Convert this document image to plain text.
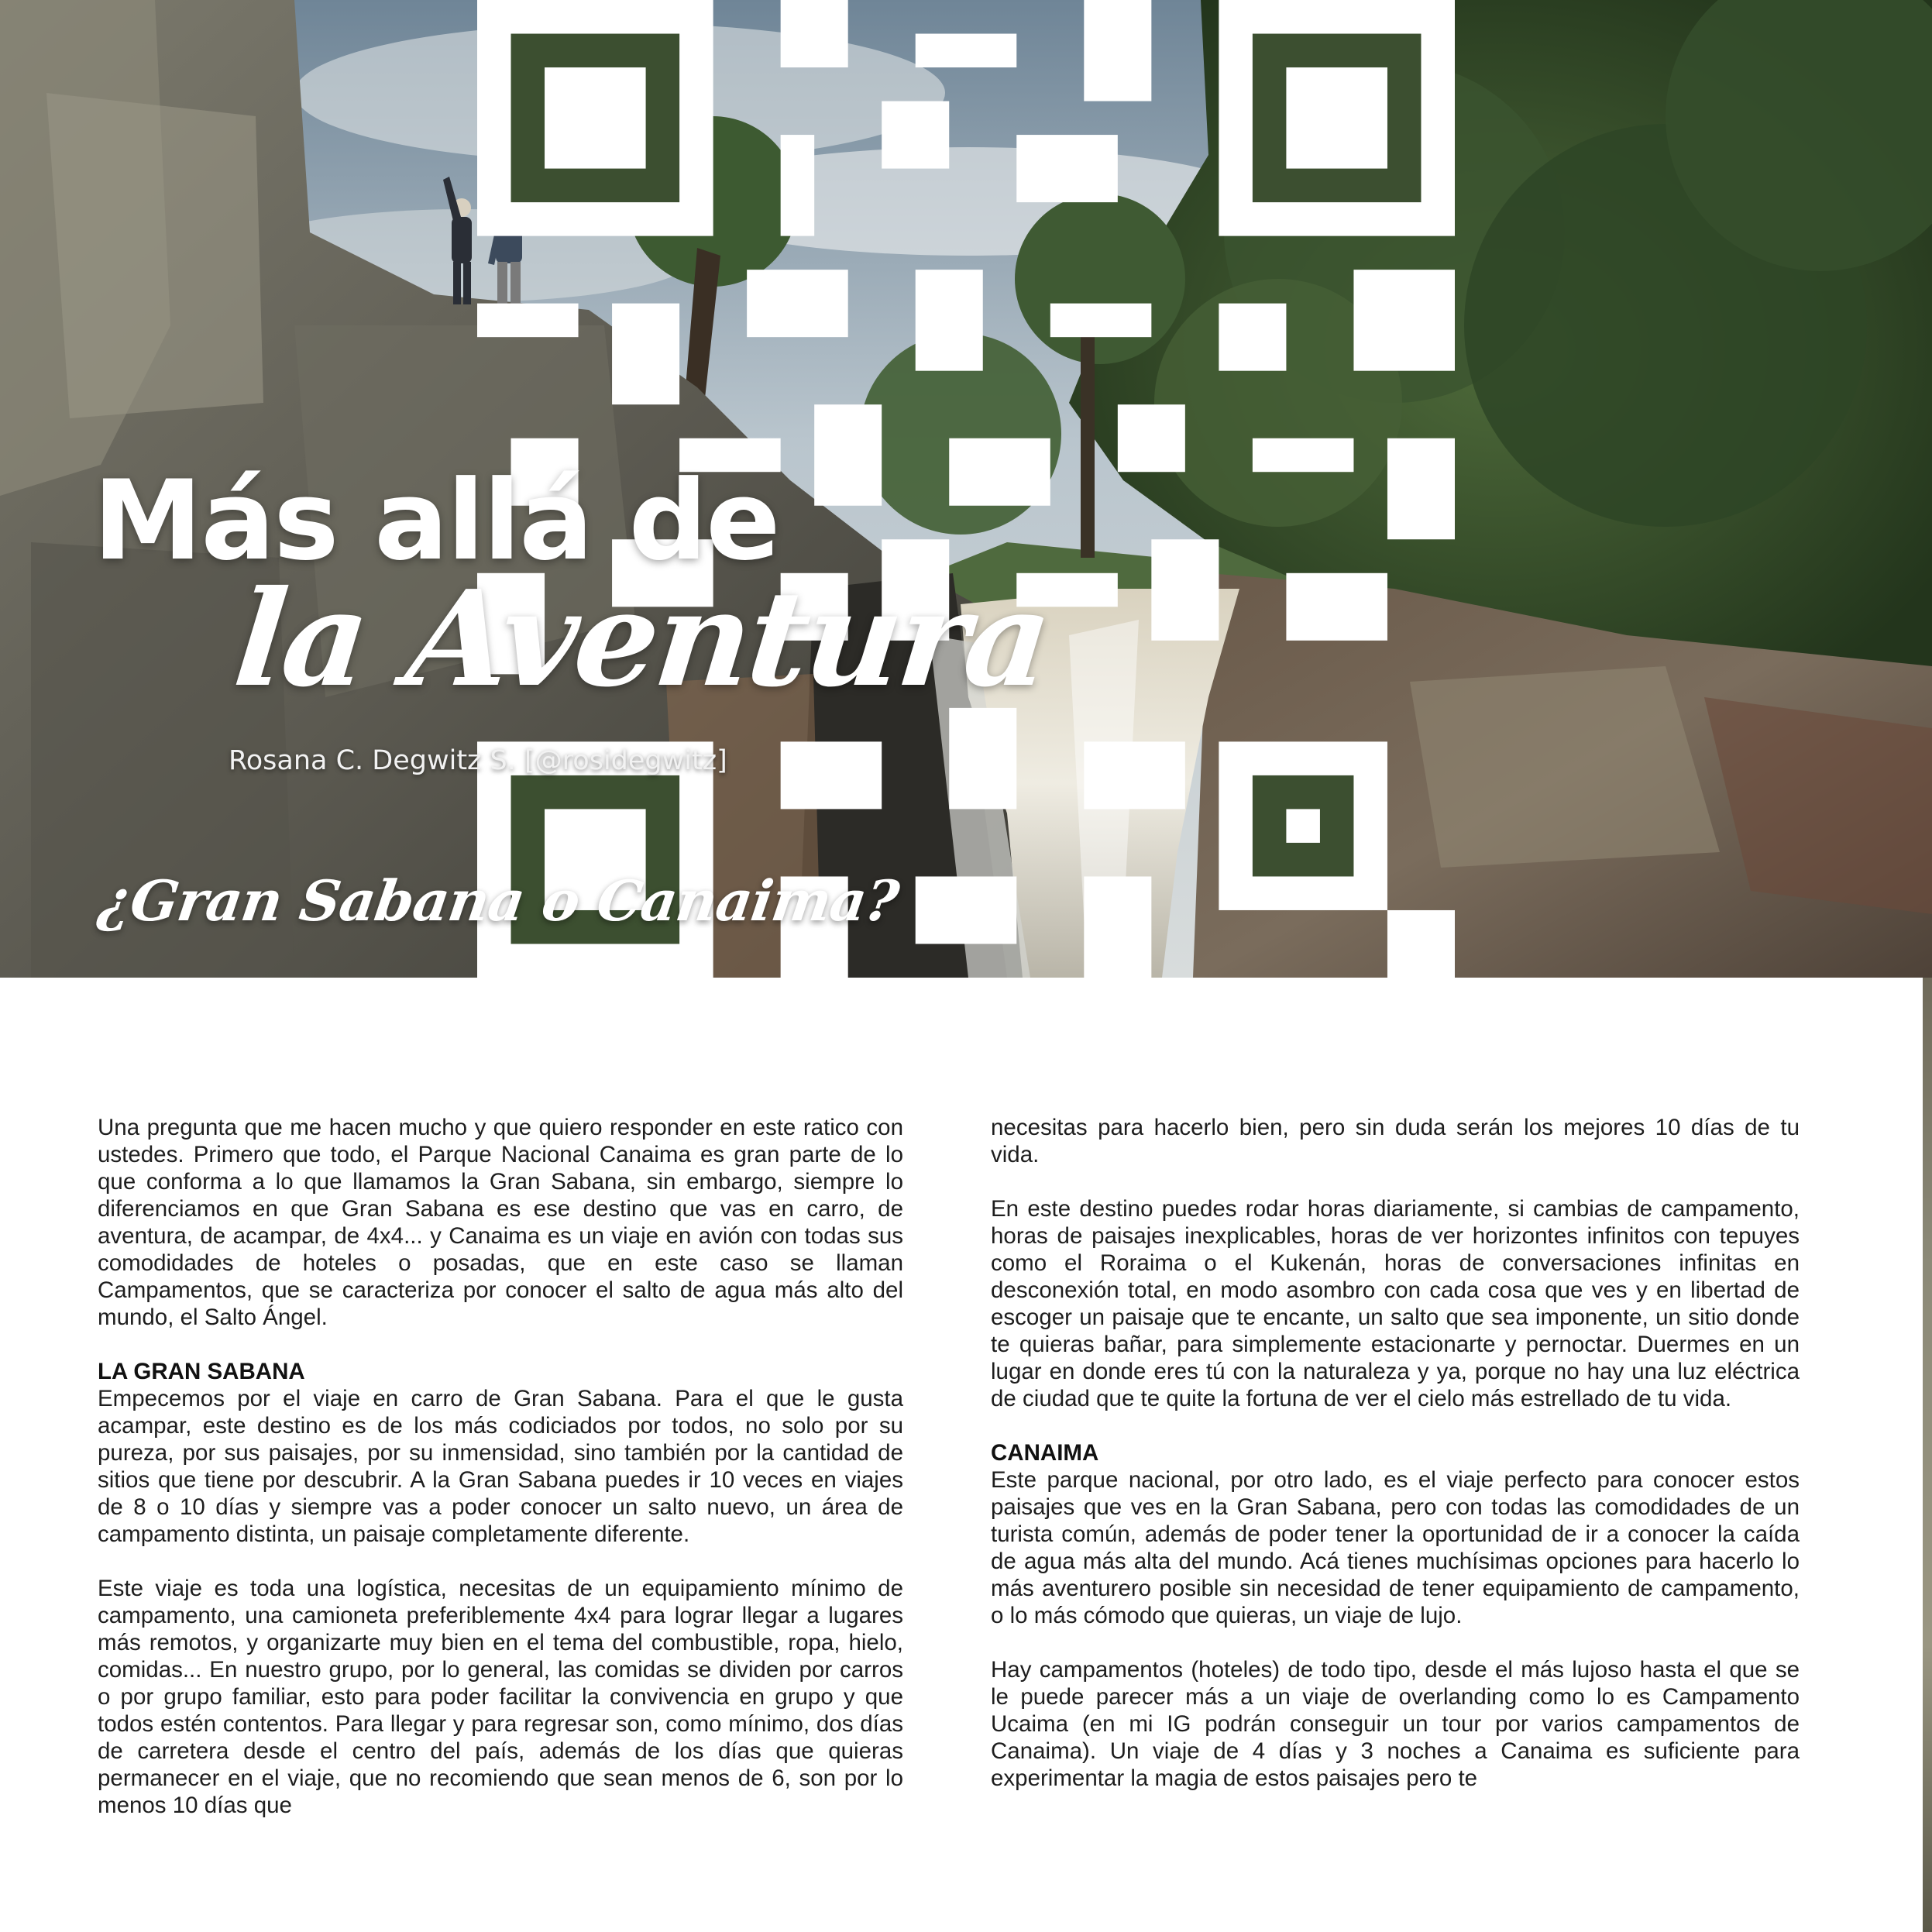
Más allá de
la Aventura
Rosana C. Degwitz S. [@rosidegwitz]
¿Gran Sabana o Canaima?

Una pregunta que me hacen mucho y que quiero responder en este ratico con ustedes. Primero que todo, el Parque Nacional Canaima es gran parte de lo que conforma a lo que llamamos la Gran Sabana, sin embargo, siempre lo diferenciamos en que Gran Sabana es ese destino que vas en carro, de aventura, de acampar, de 4x4... y Canaima es un viaje en avión con todas sus comodidades de hoteles o posadas, que en este caso se llaman Campamentos, que se caracteriza por conocer el salto de agua más alto del mundo, el Salto Ángel.

LA GRAN SABANA

Empecemos por el viaje en carro de Gran Sabana. Para el que le gusta acampar, este destino es de los más codiciados por todos, no solo por su pureza, por sus paisajes, por su inmensidad, sino también por la cantidad de sitios que tiene por descubrir. A la Gran Sabana puedes ir 10 veces en viajes de 8 o 10 días y siempre vas a poder conocer un salto nuevo, un área de campamento distinta, un paisaje completamente diferente.

Este viaje es toda una logística, necesitas de un equipamiento mínimo de campamento, una camioneta preferiblemente 4x4 para lograr llegar a lugares más remotos, y organizarte muy bien en el tema del combustible, ropa, hielo, comidas... En nuestro grupo, por lo general, las comidas se dividen por carros o por grupo familiar, esto para poder facilitar la convivencia en grupo y que todos estén contentos. Para llegar y para regresar son, como mínimo, dos días de carretera desde el centro del país, además de los días que quieras permanecer en el viaje, que no recomiendo que sean menos de 6, son por lo menos 10 días que

necesitas para hacerlo bien, pero sin duda serán los mejores 10 días de tu vida.

En este destino puedes rodar horas diariamente, si cambias de campamento, horas de paisajes inexplicables, horas de ver horizontes infinitos con tepuyes como el Roraima o el Kukenán, horas de conversaciones infinitas en desconexión total, en modo asombro con cada cosa que ves y en libertad de escoger un paisaje que te encante, un salto que sea imponente, un sitio donde te quieras bañar, para simplemente estacionarte y pernoctar. Duermes en un lugar en donde eres tú con la naturaleza y ya, porque no hay una luz eléctrica de ciudad que te quite la fortuna de ver el cielo más estrellado de tu vida.

CANAIMA

Este parque nacional, por otro lado, es el viaje perfecto para conocer estos paisajes que ves en la Gran Sabana, pero con todas las comodidades de un turista común, además de poder tener la oportunidad de ir a conocer la caída de agua más alta del mundo. Acá tienes muchísimas opciones para hacerlo lo más aventurero posible sin necesidad de tener equipamiento de campamento, o lo más cómodo que quieras, un viaje de lujo.

Hay campamentos (hoteles) de todo tipo, desde el más lujoso hasta el que se le puede parecer más a un viaje de overlanding como lo es Campamento Ucaima (en mi IG podrán conseguir un tour por varios campamentos de Canaima). Un viaje de 4 días y 3 noches a Canaima es suficiente para experimentar la magia de estos paisajes pero te
